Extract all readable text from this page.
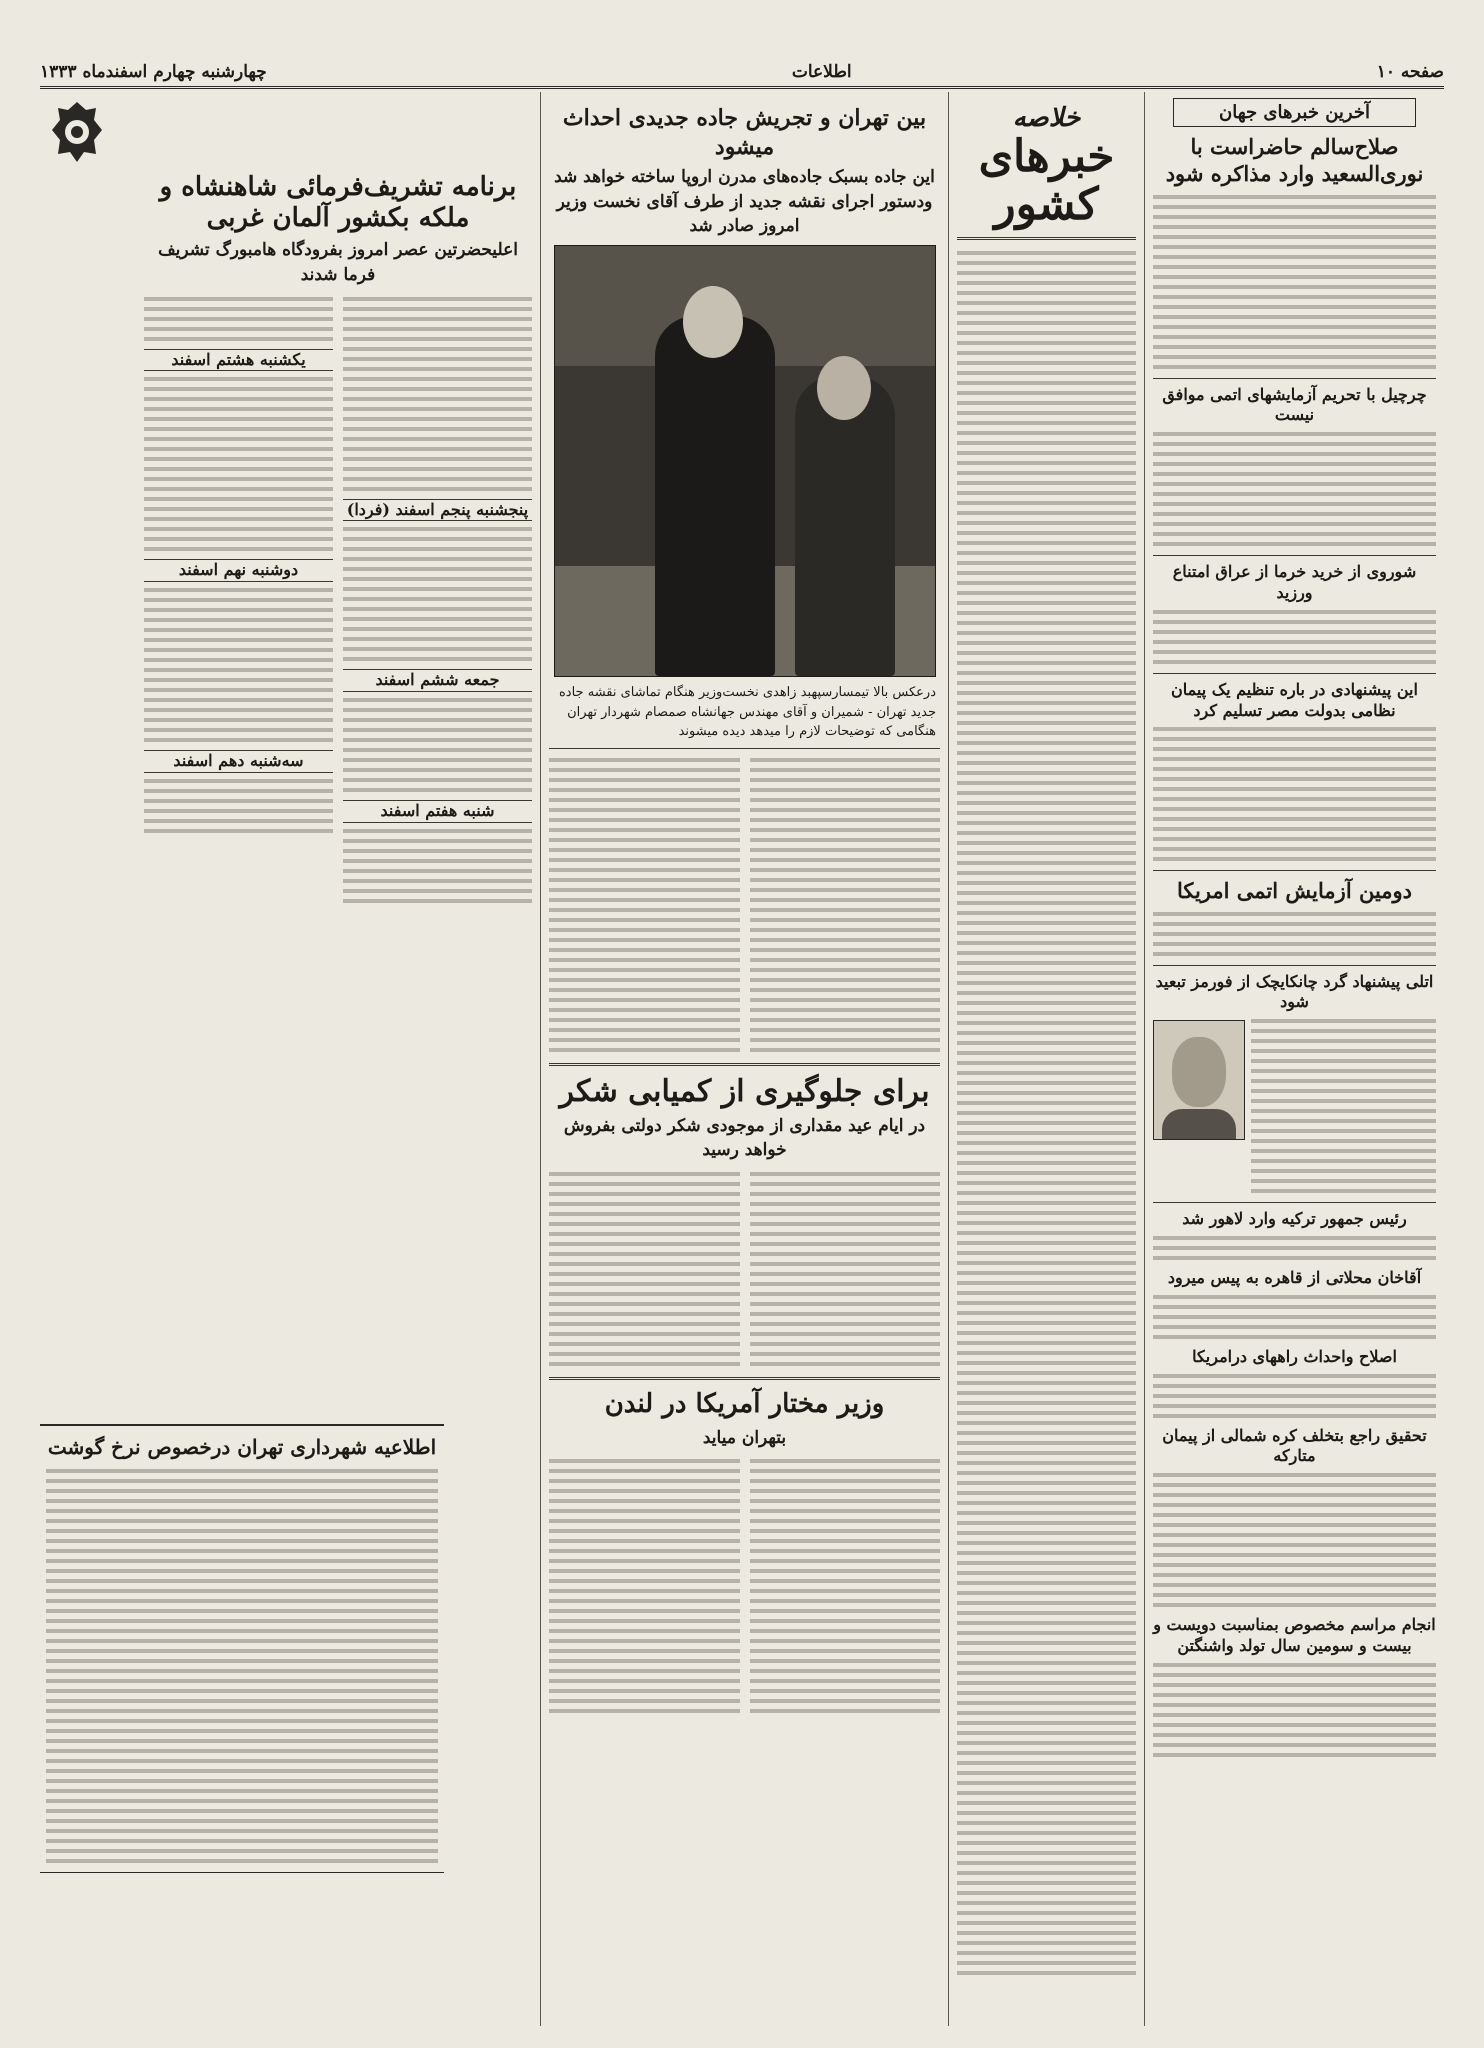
صفحه ۱۰
اطلاعات
چهارشنبه چهارم اسفندماه ۱۳۳۳
آخرین خبرهای جهان
صلاح‌سالم حاضراست با نوری‌السعید وارد مذاکره شود
چرچیل با تحریم آزمایشهای اتمی موافق نیست
شوروی از خرید خرما از عراق امتناع ورزید
این پیشنهادی در باره تنظیم یک پیمان نظامی بدولت مصر تسلیم کرد
دومین آزمایش اتمی امریکا
اتلی پیشنهاد گرد چانکایچک از فورمز تبعید شود
رئیس جمهور ترکیه وارد لاهور شد
آقاخان محلاتی از قاهره به پیس میرود
اصلاح واحداث راههای درامریکا
تحقیق راجع بتخلف کره شمالی از پیمان متارکه
انجام مراسم مخصوص بمناسبت دویست و بیست و سومین سال تولد واشنگتن
خلاصه
خبرهای کشور
بین تهران و تجریش جاده جدیدی احداث میشود
این جاده بسبک جاده‌های مدرن اروپا ساخته خواهد شد ودستور اجرای نقشه جدید از طرف آقای نخست وزیر امروز صادر شد
درعکس بالا تیمسارسپهبد زاهدی نخست‌وزیر هنگام تماشای نقشه جاده جدید تهران - شمیران و آقای مهندس جهانشاه صمصام شهردار تهران هنگامی که توضیحات لازم را میدهد دیده میشوند
برای جلوگیری از کمیابی شکر
در ایام عید مقداری از موجودی شکر دولتی بفروش خواهد رسید
وزیر مختار آمریکا در لندن
بتهران میاید
برنامه تشریف‌فرمائی شاهنشاه و ملکه بکشور آلمان غربی
اعلیحضرتین عصر امروز بفرودگاه هامبورگ تشریف فرما شدند
پنجشنبه پنجم اسفند (فردا)
جمعه ششم اسفند
شنبه هفتم اسفند
یکشنبه هشتم اسفند
دوشنبه نهم اسفند
سه‌شنبه دهم اسفند
اطلاعیه شهرداری تهران درخصوص نرخ گوشت
